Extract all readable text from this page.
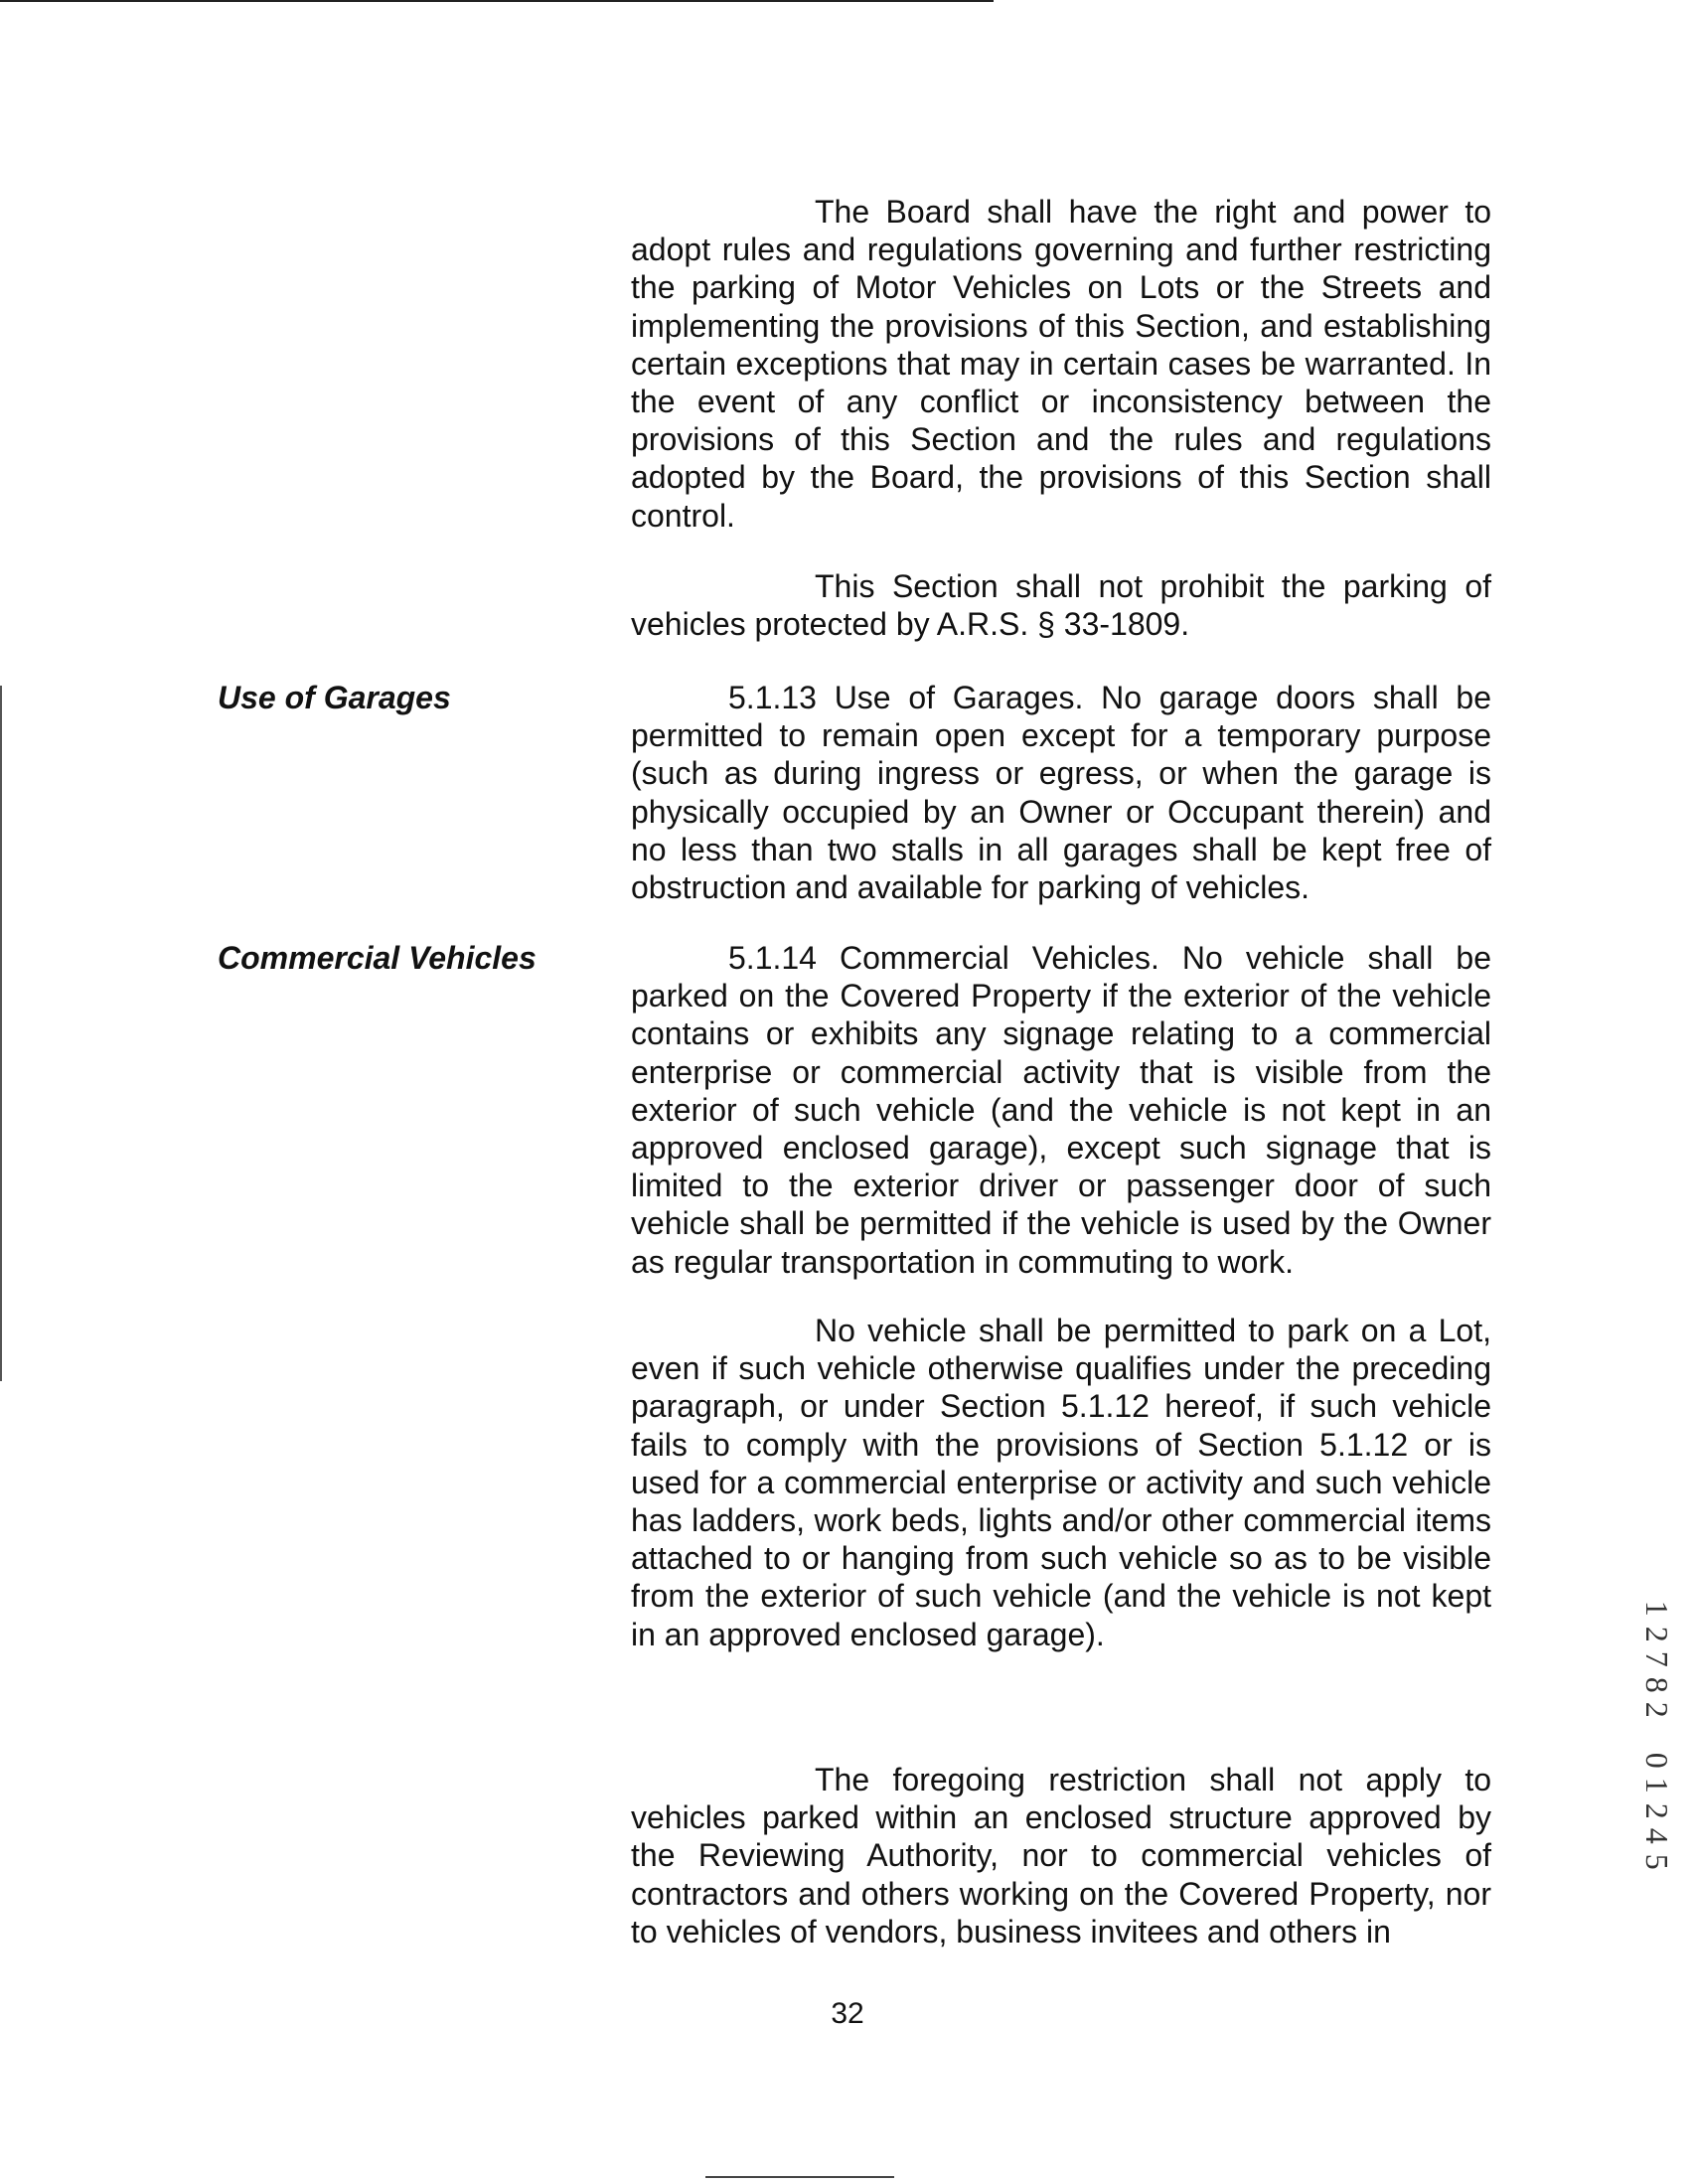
The Board shall have the right and power to adopt rules and regulations governing and further restricting the parking of Motor Vehicles on Lots or the Streets and implementing the provisions of this Section, and establishing certain exceptions that may in certain cases be warranted. In the event of any conflict or inconsistency between the provisions of this Section and the rules and regulations adopted by the Board, the provisions of this Section shall control.

This Section shall not prohibit the parking of vehicles protected by A.R.S. § 33-1809.

Use of Garages	5.1.13 Use of Garages. No garage doors shall be permitted to remain open except for a temporary purpose (such as during ingress or egress, or when the garage is physically occupied by an Owner or Occupant therein) and no less than two stalls in all garages shall be kept free of obstruction and available for parking of vehicles.

Commercial Vehicles	5.1.14 Commercial Vehicles. No vehicle shall be parked on the Covered Property if the exterior of the vehicle contains or exhibits any signage relating to a commercial enterprise or commercial activity that is visible from the exterior of such vehicle (and the vehicle is not kept in an approved enclosed garage), except such signage that is limited to the exterior driver or passenger door of such vehicle shall be permitted if the vehicle is used by the Owner as regular transportation in commuting to work.

No vehicle shall be permitted to park on a Lot, even if such vehicle otherwise qualifies under the preceding paragraph, or under Section 5.1.12 hereof, if such vehicle fails to comply with the provisions of Section 5.1.12 or is used for a commercial enterprise or activity and such vehicle has ladders, work beds, lights and/or other commercial items attached to or hanging from such vehicle so as to be visible from the exterior of such vehicle (and the vehicle is not kept in an approved enclosed garage).

The foregoing restriction shall not apply to vehicles parked within an enclosed structure approved by the Reviewing Authority, nor to commercial vehicles of contractors and others working on the Covered Property, nor to vehicles of vendors, business invitees and others in

32
1
2
7
8
2
0
1
2
4
5
